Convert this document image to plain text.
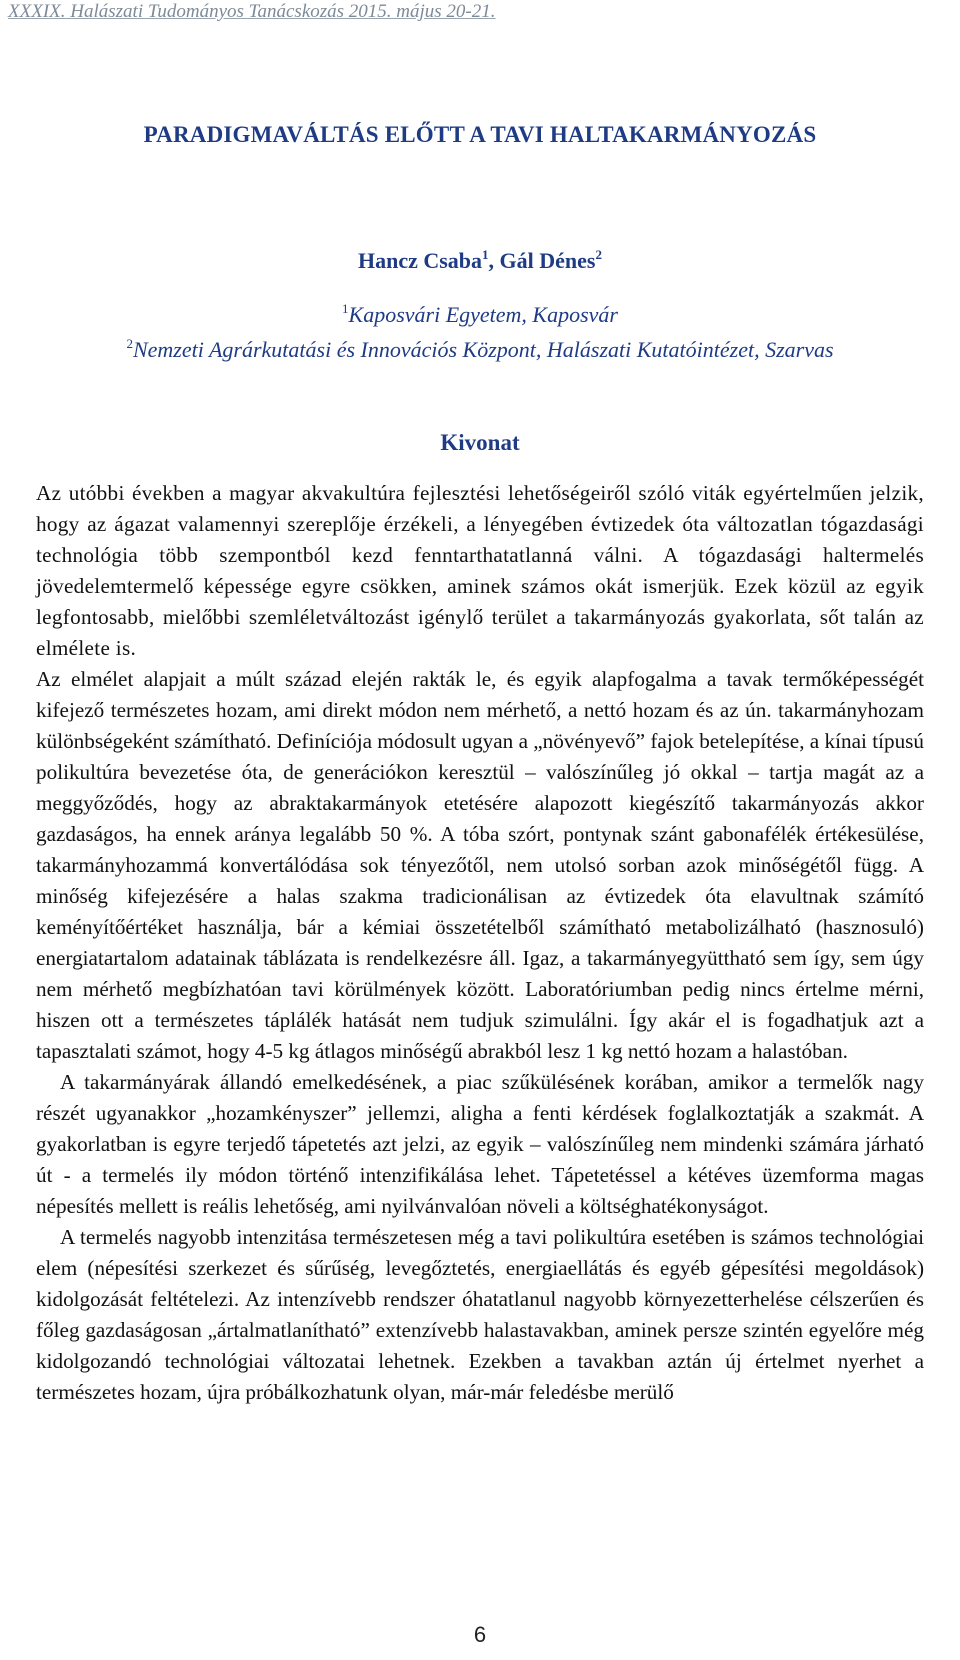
XXXIX. Halászati Tudományos Tanácskozás 2015. május 20-21.
PARADIGMAVÁLTÁS ELŐTT A TAVI HALTAKARMÁNYOZÁS
Hancz Csaba$^1$, Gál Dénes$^2$
$^1$Kaposvári Egyetem, Kaposvár
$^2$Nemzeti Agrárkutatási és Innovációs Központ, Halászati Kutatóintézet, Szarvas
Kivonat

Az utóbbi években a magyar akvakultúra fejlesztési lehetőségeiről szóló viták egyértelműen jelzik, hogy az ágazat valamennyi szereplője érzékeli, a lényegében évtizedek óta változatlan tógazdasági technológia több szempontból kezd fenntarthatatlanná válni. A tógazdasági haltermelés jövedelemtermelő képessége egyre csökken, aminek számos okát ismerjük. Ezek közül az egyik legfontosabb, mielőbbi szemléletváltozást igénylő terület a takarmányozás gyakorlata, sőt talán az elmélete is.

Az elmélet alapjait a múlt század elején rakták le, és egyik alapfogalma a tavak termőképességét kifejező természetes hozam, ami direkt módon nem mérhető, a nettó hozam és az ún. takarmányhozam különbségeként számítható. Definíciója módosult ugyan a „növényevő” fajok betelepítése, a kínai típusú polikultúra bevezetése óta, de generációkon keresztül – valószínűleg jó okkal – tartja magát az a meggyőződés, hogy az abraktakarmányok etetésére alapozott kiegészítő takarmányozás akkor gazdaságos, ha ennek aránya legalább 50 %. A tóba szórt, pontynak szánt gabonafélék értékesülése, takarmányhozammá konvertálódása sok tényezőtől, nem utolsó sorban azok minőségétől függ. A minőség kifejezésére a halas szakma tradicionálisan az évtizedek óta elavultnak számító keményítőértéket használja, bár a kémiai összetételből számítható metabolizálható (hasznosuló) energiatartalom adatainak táblázata is rendelkezésre áll. Igaz, a takarmányegyüttható sem így, sem úgy nem mérhető megbízhatóan tavi körülmények között. Laboratóriumban pedig nincs értelme mérni, hiszen ott a természetes táplálék hatását nem tudjuk szimulálni. Így akár el is fogadhatjuk azt a tapasztalati számot, hogy 4-5 kg átlagos minőségű abrakból lesz 1 kg nettó hozam a halastóban.

A takarmányárak állandó emelkedésének, a piac szűkülésének korában, amikor a termelők nagy részét ugyanakkor „hozamkényszer” jellemzi, aligha a fenti kérdések foglalkoztatják a szakmát. A gyakorlatban is egyre terjedő tápetetés azt jelzi, az egyik – valószínűleg nem mindenki számára járható út - a termelés ily módon történő intenzifikálása lehet. Tápetetéssel a kétéves üzemforma magas népesítés mellett is reális lehetőség, ami nyilvánvalóan növeli a költséghatékonyságot.

A termelés nagyobb intenzitása természetesen még a tavi polikultúra esetében is számos technológiai elem (népesítési szerkezet és sűrűség, levegőztetés, energiaellátás és egyéb gépesítési megoldások) kidolgozását feltételezi. Az intenzívebb rendszer óhatatlanul nagyobb környezetterhelése célszerűen és főleg gazdaságosan „ártalmatlanítható” extenzívebb halastavakban, aminek persze szintén egyelőre még kidolgozandó technológiai változatai lehetnek. Ezekben a tavakban aztán új értelmet nyerhet a természetes hozam, újra próbálkozhatunk olyan, már-már feledésbe merülő

6
